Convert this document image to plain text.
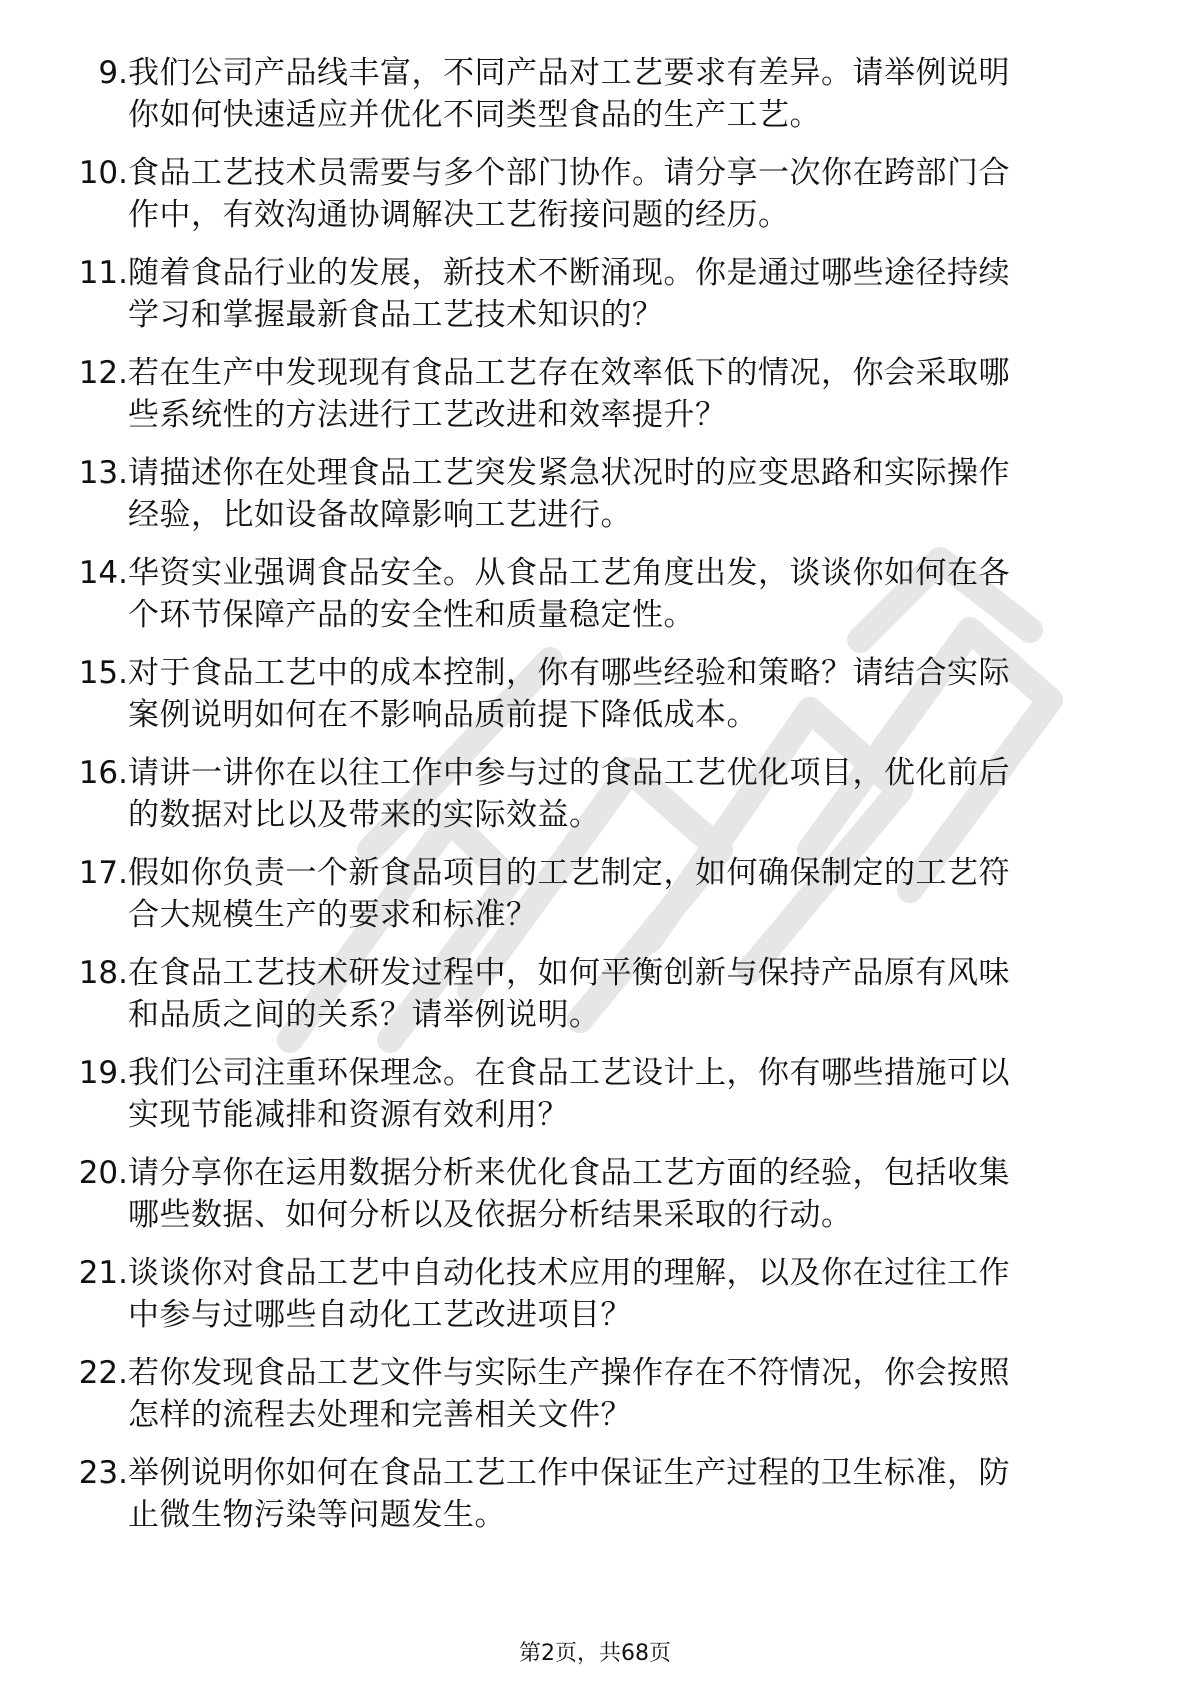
9. 我们公司产品线丰富，不同产品对工艺要求有差异。请举例说明
你如何快速适应并优化不同类型食品的生产工艺。
10. 食品工艺技术员需要与多个部门协作。请分享一次你在跨部门合
作中，有效沟通协调解决工艺衔接问题的经历。
11. 随着食品行业的发展，新技术不断涌现。你是通过哪些途径持续
学习和掌握最新食品工艺技术知识的？
12. 若在生产中发现现有食品工艺存在效率低下的情况，你会采取哪
些系统性的方法进行工艺改进和效率提升？
13. 请描述你在处理食品工艺突发紧急状况时的应变思路和实际操作
经验，比如设备故障影响工艺进行。
14. 华资实业强调食品安全。从食品工艺角度出发，谈谈你如何在各
个环节保障产品的安全性和质量稳定性。
15. 对于食品工艺中的成本控制，你有哪些经验和策略？请结合实际
案例说明如何在不影响品质前提下降低成本。
16. 请讲一讲你在以往工作中参与过的食品工艺优化项目，优化前后
的数据对比以及带来的实际效益。
17. 假如你负责一个新食品项目的工艺制定，如何确保制定的工艺符
合大规模生产的要求和标准？
18. 在食品工艺技术研发过程中，如何平衡创新与保持产品原有风味
和品质之间的关系？请举例说明。
19. 我们公司注重环保理念。在食品工艺设计上，你有哪些措施可以
实现节能减排和资源有效利用？
20. 请分享你在运用数据分析来优化食品工艺方面的经验，包括收集
哪些数据、如何分析以及依据分析结果采取的行动。
21. 谈谈你对食品工艺中自动化技术应用的理解，以及你在过往工作
中参与过哪些自动化工艺改进项目？
22. 若你发现食品工艺文件与实际生产操作存在不符情况，你会按照
怎样的流程去处理和完善相关文件？
23. 举例说明你如何在食品工艺工作中保证生产过程的卫生标准，防
止微生物污染等问题发生。
第2页，共68页
